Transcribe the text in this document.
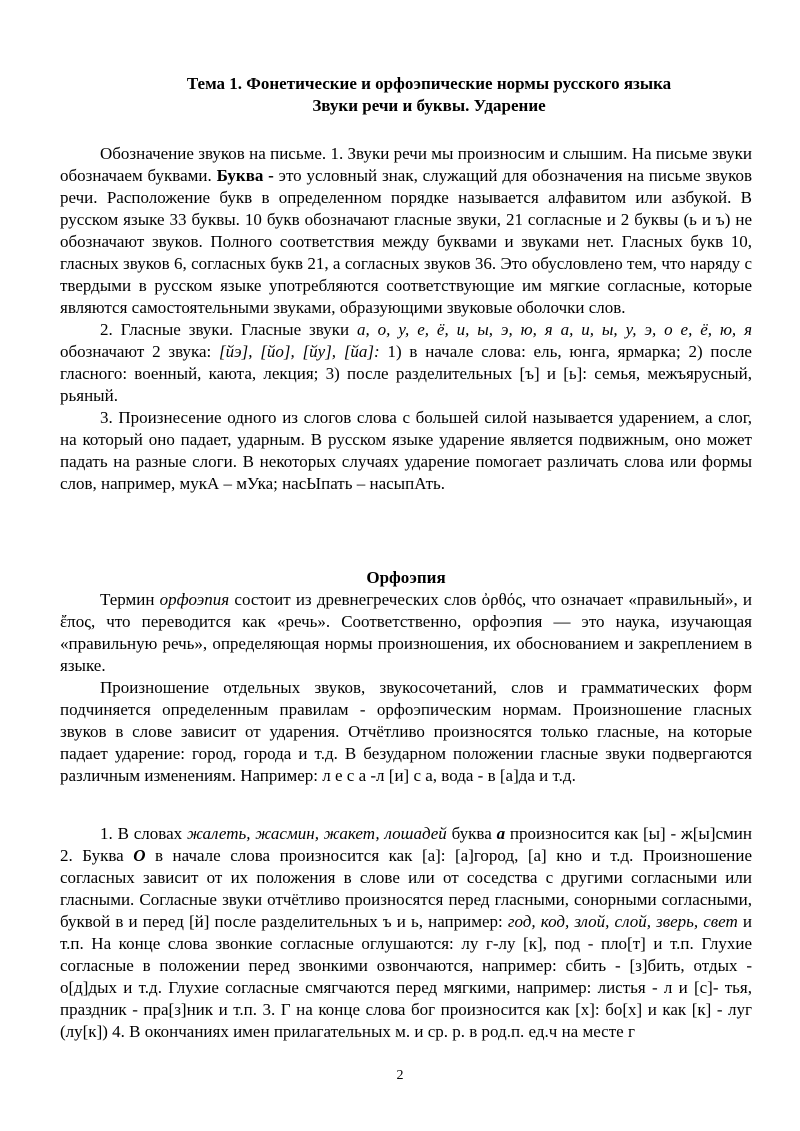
Тема 1. Фонетические и орфоэпические нормы русского языка

Звуки речи и буквы. Ударение

Обозначение звуков на письме. 1. Звуки речи мы произносим и слышим. На письме звуки обозначаем буквами. Буква - это условный знак, служащий для обозначения на письме звуков речи. Расположение букв в определенном порядке называется алфавитом или азбукой. В русском языке 33 буквы. 10 букв обозначают гласные звуки, 21 согласные и 2 буквы (ь и ъ) не обозначают звуков. Полного соответствия между буквами и звуками нет. Гласных букв 10, гласных звуков 6, согласных букв 21, а согласных звуков 36. Это обусловлено тем, что наряду с твердыми в русском языке употребляются соответствующие им мягкие согласные, которые являются самостоятельными звуками, образующими звуковые оболочки слов.

2. Гласные звуки. Гласные звуки а, о, у, е, ё, и, ы, э, ю, я а, и, ы, у, э, о е, ё, ю, я обозначают 2 звука: [йэ], [йо], [йу], [йа]: 1) в начале слова: ель, юнга, ярмарка; 2) после гласного: военный, каюта, лекция; 3) после разделительных [ъ] и [ь]: семья, межъярусный, рьяный.

3. Произнесение одного из слогов слова с большей силой называется ударением, а слог, на который оно падает, ударным. В русском языке ударение является подвижным, оно может падать на разные слоги. В некоторых случаях ударение помогает различать слова или формы слов, например, мукА – мУка; насЫпать – насыпАть.

Орфоэпия

Термин орфоэпия состоит из древнегреческих слов ὀρθός, что означает «правильный», и ἔπος, что переводится как «речь». Соответственно, орфоэпия — это наука, изучающая «правильную речь», определяющая нормы произношения, их обоснованием и закреплением в языке.

Произношение отдельных звуков, звукосочетаний, слов и грамматических форм подчиняется определенным правилам - орфоэпическим нормам. Произношение гласных звуков в слове зависит от ударения. Отчётливо произносятся только гласные, на которые падает ударение: город, города и т.д. В безударном положении гласные звуки подвергаются различным изменениям. Например: л е с а -л [и] с а, вода - в [а]да и т.д.

1. В словах жалеть, жасмин, жакет, лошадей буква а произносится как [ы] - ж[ы]смин 2. Буква О в начале слова произносится как [а]: [а]город, [а] кно и т.д. Произношение согласных зависит от их положения в слове или от соседства с другими согласными или гласными. Согласные звуки отчётливо произносятся перед гласными, сонорными согласными, буквой в и перед [й] после разделительных ъ и ь, например: год, код, злой, слой, зверь, свет и т.п. На конце слова звонкие согласные оглушаются: лу г-лу [к], под - пло[т] и т.п. Глухие согласные в положении перед звонкими озвончаются, например: сбить - [з]бить, отдых - о[д]дых и т.д. Глухие согласные смягчаются перед мягкими, например: листья - л и [с]- тья, праздник - пра[з]ник и т.п. 3. Г на конце слова бог произносится как [х]: бо[х] и как [к] - луг (лу[к]) 4. В окончаниях имен прилагательных м. и ср. р. в род.п. ед.ч на месте г

2
